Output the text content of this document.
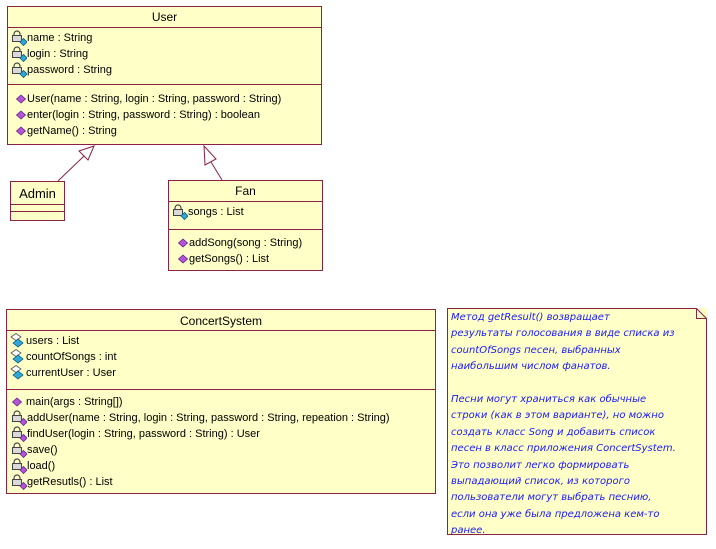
User
name : String
login : String
password : String
User(name : String, login : String, password : String)
enter(login : String, password : String) : boolean
getName() : String
Admin	Fan
songs : List
addSong(song : String)
getSongs() : List
ConcertSystem
users : List
countOfSongs : int
currentUser : User
main(args : String[])
addUser(name : String, login : String, password : String, repeation : String)
findUser(login : String, password : String) : User
save()
load()
getResutls() : List
Метод getResult() возвращает
результаты голосования в виде списка из
countOfSongs песен, выбранных
наибольшим числом фанатов.
Песни могут храниться как обычные
строки (как в этом варианте), но можно
создать класс Song и добавить список
песен в класс приложения ConcertSystem.
Это позволит легко формировать
выпадающий список, из которого
пользователи могут выбрать песнию,
если она уже была предложена кем-то
ранее.
